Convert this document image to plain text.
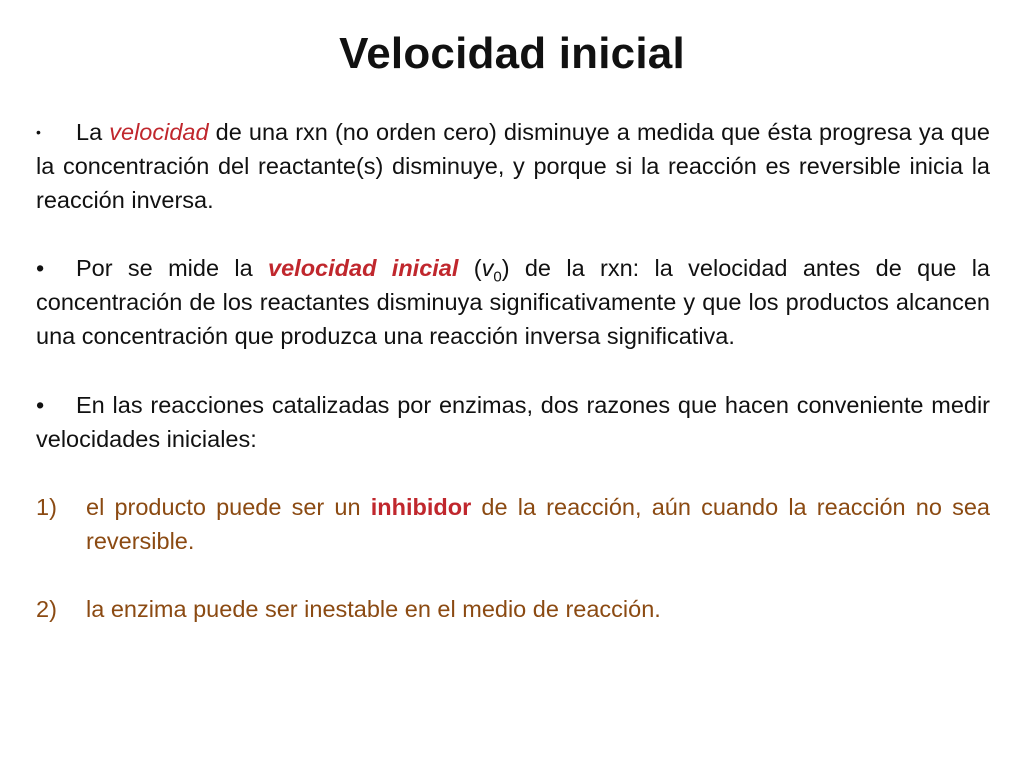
Velocidad inicial
• La velocidad de una rxn (no orden cero) disminuye a medida que ésta progresa ya que la concentración del reactante(s) disminuye, y porque si la reacción es reversible inicia la reacción inversa.
• Por se mide la velocidad inicial $(v_0)$ de la rxn: la velocidad antes de que la concentración de los reactantes disminuya significativamente y que los productos alcancen una concentración que produzca una reacción inversa significativa.
• En las reacciones catalizadas por enzimas, dos razones que hacen conveniente medir velocidades iniciales:
1)	el producto puede ser un inhibidor de la reacción, aún cuando la reacción no sea reversible.
2)	la enzima puede ser inestable en el medio de reacción.
